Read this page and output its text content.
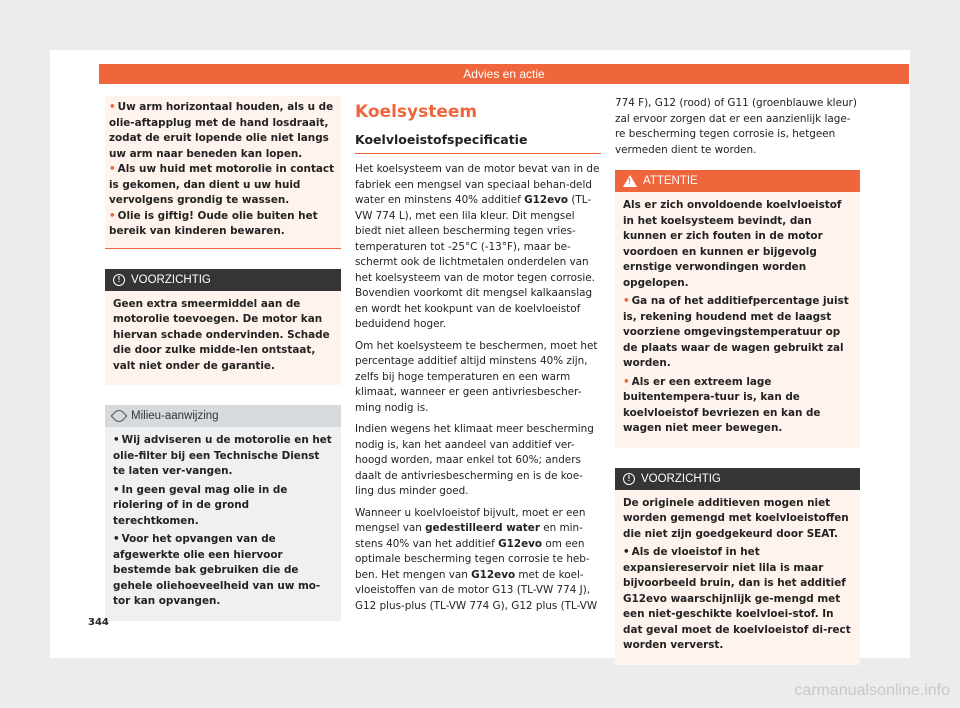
Advies en actie

• Uw arm horizontaal houden, als u de olie-aftapplug met de hand losdraait, zodat de eruit lopende olie niet langs uw arm naar beneden kan lopen.

• Als uw huid met motorolie in contact is gekomen, dan dient u uw huid vervolgens grondig te wassen.

• Olie is giftig! Oude olie buiten het bereik van kinderen bewaren.

! VOORZICHTIG

Geen extra smeermiddel aan de motorolie toevoegen. De motor kan hiervan schade ondervinden. Schade die door zulke midde-len ontstaat, valt niet onder de garantie.

Milieu-aanwijzing

• Wij adviseren u de motorolie en het olie-filter bij een Technische Dienst te laten ver-vangen.

• In geen geval mag olie in de riolering of in de grond terechtkomen.

• Voor het opvangen van de afgewerkte olie een hiervoor bestemde bak gebruiken die de gehele oliehoeveelheid van uw mo-tor kan opvangen.

Koelsysteem
Koelvloeistofspecificatie

Het koelsysteem van de motor bevat van in de fabriek een mengsel van speciaal behan-deld water en minstens 40% additief G12evo (TL-VW 774 L), met een lila kleur. Dit mengsel biedt niet alleen bescherming tegen vries-temperaturen tot -25°C (-13°F), maar be-schermt ook de lichtmetalen onderdelen van het koelsysteem van de motor tegen corrosie. Bovendien voorkomt dit mengsel kalkaanslag en wordt het kookpunt van de koelvloeistof beduidend hoger.

Om het koelsysteem te beschermen, moet het percentage additief altijd minstens 40% zijn, zelfs bij hoge temperaturen en een warm klimaat, wanneer er geen antivriesbescher-ming nodig is.

Indien wegens het klimaat meer bescherming nodig is, kan het aandeel van additief ver-hoogd worden, maar enkel tot 60%; anders daalt de antivriesbescherming en is de koe-ling dus minder goed.

Wanneer u koelvloeistof bijvult, moet er een mengsel van gedestilleerd water en min-stens 40% van het additief G12evo om een optimale bescherming tegen corrosie te heb-ben. Het mengen van G12evo met de koel-vloeistoffen van de motor G13 (TL-VW 774 J), G12 plus-plus (TL-VW 774 G), G12 plus (TL-VW

774 F), G12 (rood) of G11 (groenblauwe kleur) zal ervoor zorgen dat er een aanzienlijk lage-re bescherming tegen corrosie is, hetgeen vermeden dient te worden.

! ATTENTIE

Als er zich onvoldoende koelvloeistof in het koelsysteem bevindt, dan kunnen er zich fouten in de motor voordoen en kunnen er bijgevolg ernstige verwondingen worden opgelopen.

• Ga na of het additiefpercentage juist is, rekening houdend met de laagst voorziene omgevingstemperatuur op de plaats waar de wagen gebruikt zal worden.

• Als er een extreem lage buitentempera-tuur is, kan de koelvloeistof bevriezen en kan de wagen niet meer bewegen.

! VOORZICHTIG

De originele additieven mogen niet worden gemengd met koelvloeistoffen die niet zijn goedgekeurd door SEAT.

• Als de vloeistof in het expansiereservoir niet lila is maar bijvoorbeeld bruin, dan is het additief G12evo waarschijnlijk ge-mengd met een niet-geschikte koelvloei-stof. In dat geval moet de koelvloeistof di-rect worden ververst.

344
carmanualsonline.info
